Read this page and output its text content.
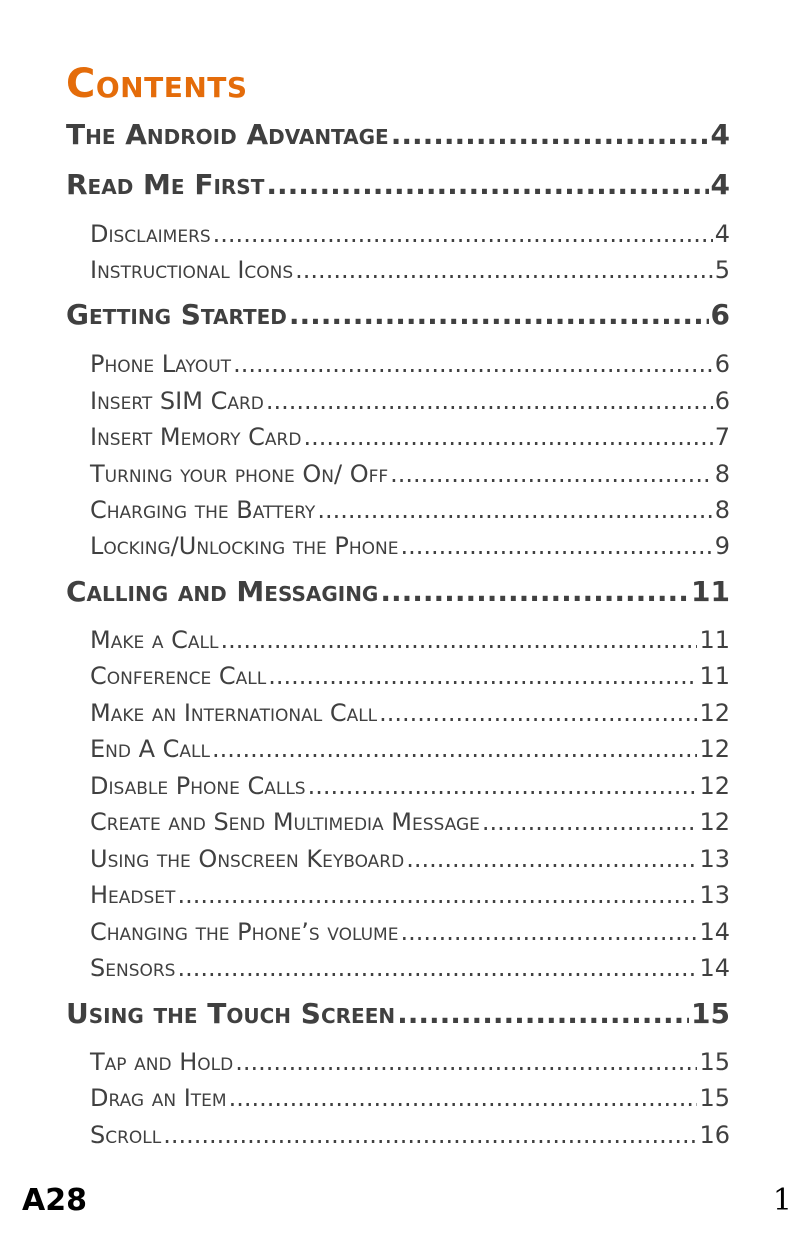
Contents
The Android Advantage .....	4
Read Me First .....	4
Disclaimers .....	4
Instructional Icons .....	5
Getting Started .....	6
Phone Layout .....	6
Insert SIM Card .....	6
Insert Memory Card .....	7
Turning your phone On/ Off .....	8
Charging the Battery .....	8
Locking/Unlocking the Phone .....	9
Calling and Messaging .....	11
Make a Call .....	11
Conference Call .....	11
Make an International Call .....	12
End A Call .....	12
Disable Phone Calls .....	12
Create and Send Multimedia Message .....	12
Using the Onscreen Keyboard .....	13
Headset .....	13
Changing the Phone’s volume .....	14
Sensors .....	14
Using the Touch Screen .....	15
Tap and Hold .....	15
Drag an Item .....	15
Scroll .....	16
A28	1
